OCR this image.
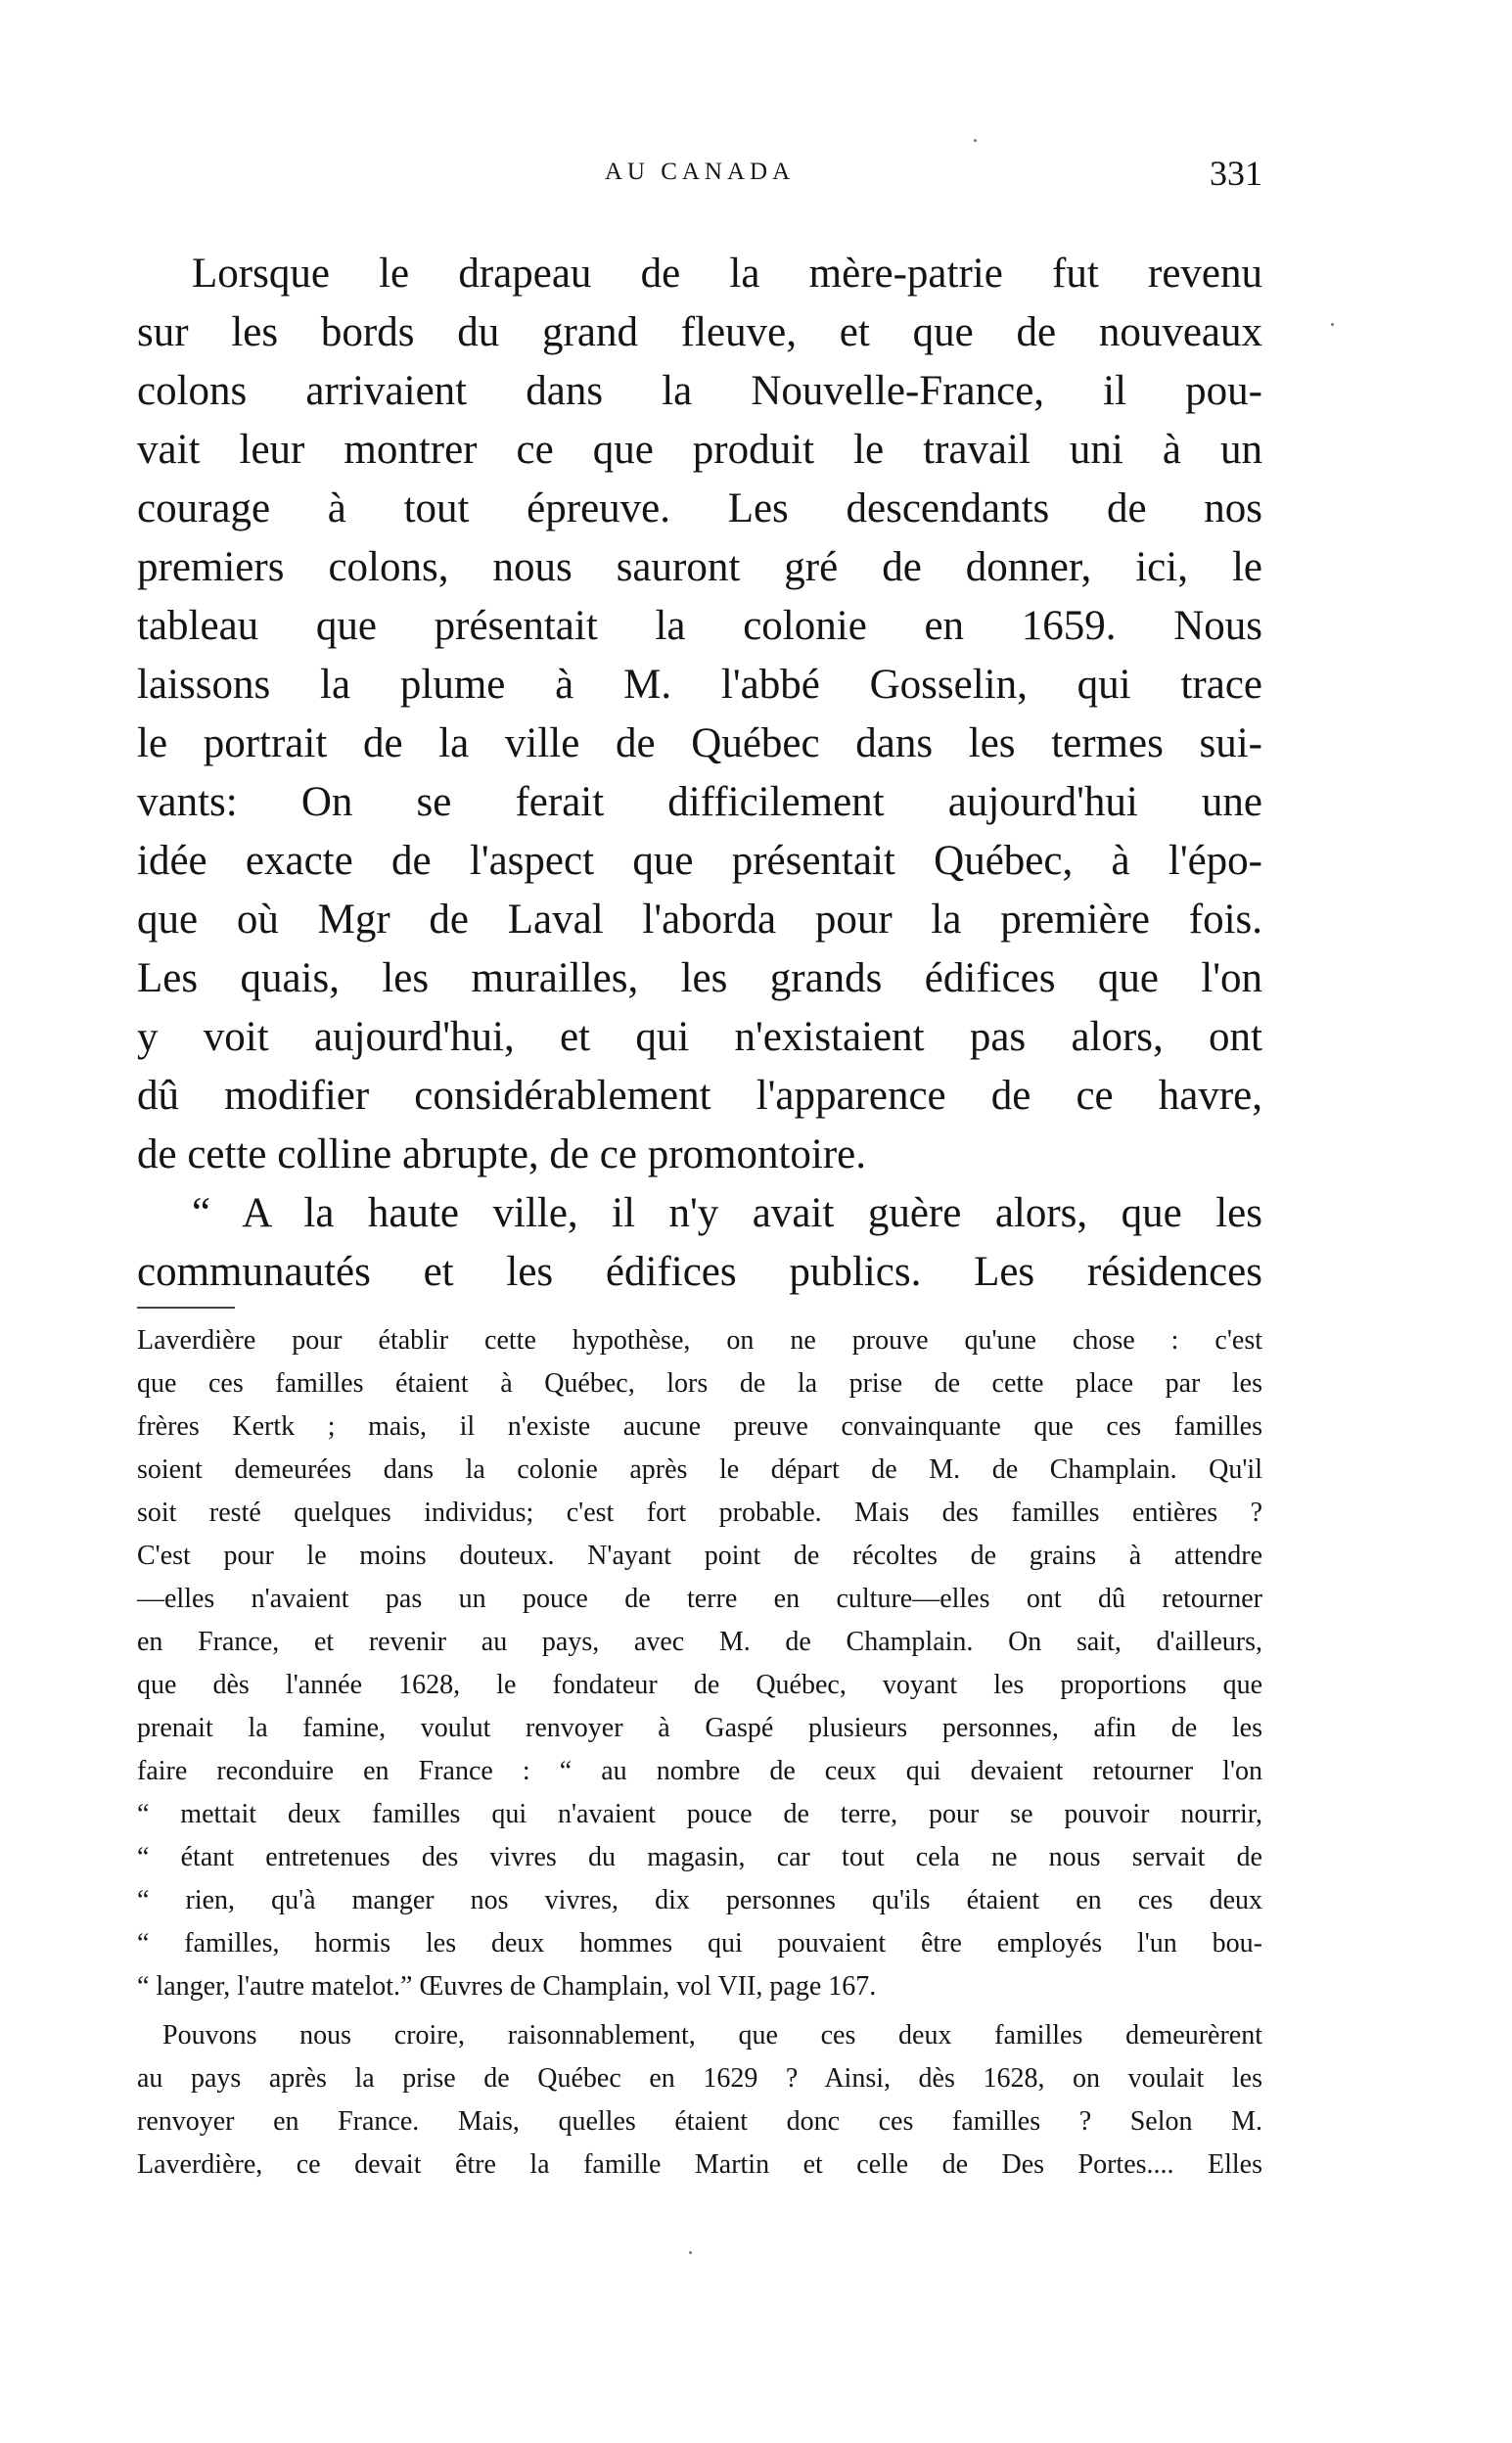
AU CANADA	331
Lorsque le drapeau de la mère-patrie fut revenu
sur les bords du grand fleuve, et que de nouveaux
colons arrivaient dans la Nouvelle-France, il pou-
vait leur montrer ce que produit le travail uni à un
courage à tout épreuve. Les descendants de nos
premiers colons, nous sauront gré de donner, ici, le
tableau que présentait la colonie en 1659. Nous
laissons la plume à M. l'abbé Gosselin, qui trace
le portrait de la ville de Québec dans les termes sui-
vants: On se ferait difficilement aujourd'hui une
idée exacte de l'aspect que présentait Québec, à l'épo-
que où Mgr de Laval l'aborda pour la première fois.
Les quais, les murailles, les grands édifices que l'on
y voit aujourd'hui, et qui n'existaient pas alors, ont
dû modifier considérablement l'apparence de ce havre,
de cette colline abrupte, de ce promontoire.
“ A la haute ville, il n'y avait guère alors, que les
communautés et les édifices publics. Les résidences
Laverdière pour établir cette hypothèse, on ne prouve qu'une chose : c'est
que ces familles étaient à Québec, lors de la prise de cette place par les
frères Kertk ; mais, il n'existe aucune preuve convainquante que ces familles
soient demeurées dans la colonie après le départ de M. de Champlain. Qu'il
soit resté quelques individus; c'est fort probable. Mais des familles entières ?
C'est pour le moins douteux. N'ayant point de récoltes de grains à attendre
—elles n'avaient pas un pouce de terre en culture—elles ont dû retourner
en France, et revenir au pays, avec M. de Champlain. On sait, d'ailleurs,
que dès l'année 1628, le fondateur de Québec, voyant les proportions que
prenait la famine, voulut renvoyer à Gaspé plusieurs personnes, afin de les
faire reconduire en France : “ au nombre de ceux qui devaient retourner l'on
“ mettait deux familles qui n'avaient pouce de terre, pour se pouvoir nourrir,
“ étant entretenues des vivres du magasin, car tout cela ne nous servait de
“ rien, qu'à manger nos vivres, dix personnes qu'ils étaient en ces deux
“ familles, hormis les deux hommes qui pouvaient être employés l'un bou-
“ langer, l'autre matelot.” Œuvres de Champlain, vol VII, page 167.
Pouvons nous croire, raisonnablement, que ces deux familles demeurèrent
au pays après la prise de Québec en 1629 ? Ainsi, dès 1628, on voulait les
renvoyer en France. Mais, quelles étaient donc ces familles ? Selon M.
Laverdière, ce devait être la famille Martin et celle de Des Portes.... Elles
